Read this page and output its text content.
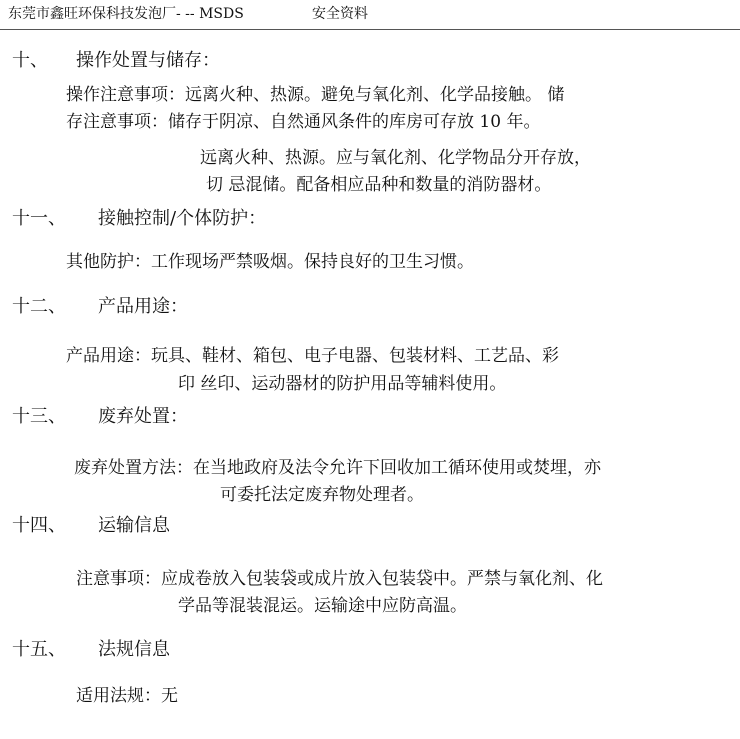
东莞市鑫旺环保科技发泡厂- -- MSDS	安全资料
十、 操作处置与储存：
操作注意事项：远离火种、热源。避免与氧化剂、化学品接触。 储
存注意事项：储存于阴凉、自然通风条件的库房可存放 10 年。
远离火种、热源。应与氧化剂、化学物品分开存放，
切 忌混储。配备相应品种和数量的消防器材。
十一、 接触控制/个体防护：
其他防护：工作现场严禁吸烟。保持良好的卫生习惯。
十二、 产品用途：
产品用途：玩具、鞋材、箱包、电子电器、包装材料、工艺品、彩
印 丝印、运动器材的防护用品等辅料使用。
十三、 废弃处置：
废弃处置方法：在当地政府及法令允许下回收加工循环使用或焚埋，亦
可委托法定废弃物处理者。
十四、 运输信息
注意事项：应成卷放入包装袋或成片放入包装袋中。严禁与氧化剂、化
学品等混装混运。运输途中应防高温。
十五、 法规信息
适用法规：无
